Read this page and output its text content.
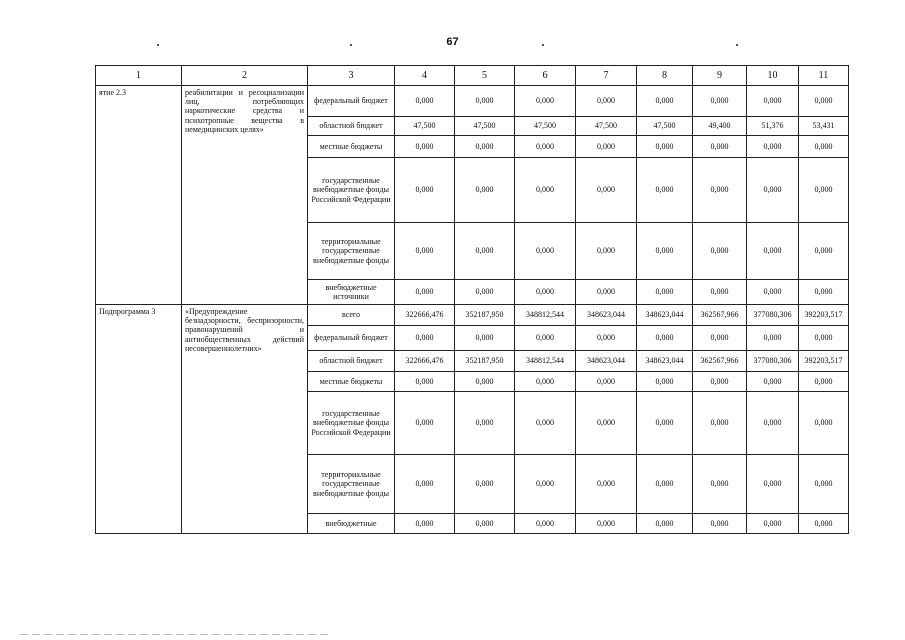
67
1	2	3	4	5	6	7	8	9	10	11
ятие 2.3	реабилитации и ресоциализации лиц, потребляющих наркотические средства и психотропные вещества в немедицинских целях»	федеральный бюджет	0,000	0,000	0,000	0,000	0,000	0,000	0,000	0,000
		областной бюджет	47,500	47,500	47,500	47,500	47,500	49,400	51,376	53,431
		местные бюджеты	0,000	0,000	0,000	0,000	0,000	0,000	0,000	0,000
		государственные внебюджетные фонды Российской Федерации	0,000	0,000	0,000	0,000	0,000	0,000	0,000	0,000
		территориальные государственные внебюджетные фонды	0,000	0,000	0,000	0,000	0,000	0,000	0,000	0,000
		внебюджетные источники	0,000	0,000	0,000	0,000	0,000	0,000	0,000	0,000
Подпрограмма 3	«Предупреждение безнадзорности, беспризорности, правонарушений и антиобщественных действий несовершеннолетних»	всего	322666,476	352187,950	348812,544	348623,044	348623,044	362567,966	377080,306	392203,517
		федеральный бюджет	0,000	0,000	0,000	0,000	0,000	0,000	0,000	0,000
		областной бюджет	322666,476	352187,950	348812,544	348623,044	348623,044	362567,966	377080,306	392203,517
		местные бюджеты	0,000	0,000	0,000	0,000	0,000	0,000	0,000	0,000
		государственные внебюджетные фонды Российской Федерации	0,000	0,000	0,000	0,000	0,000	0,000	0,000	0,000
		территориальные государственные внебюджетные фонды	0,000	0,000	0,000	0,000	0,000	0,000	0,000	0,000
		внебюджетные	0,000	0,000	0,000	0,000	0,000	0,000	0,000	0,000
